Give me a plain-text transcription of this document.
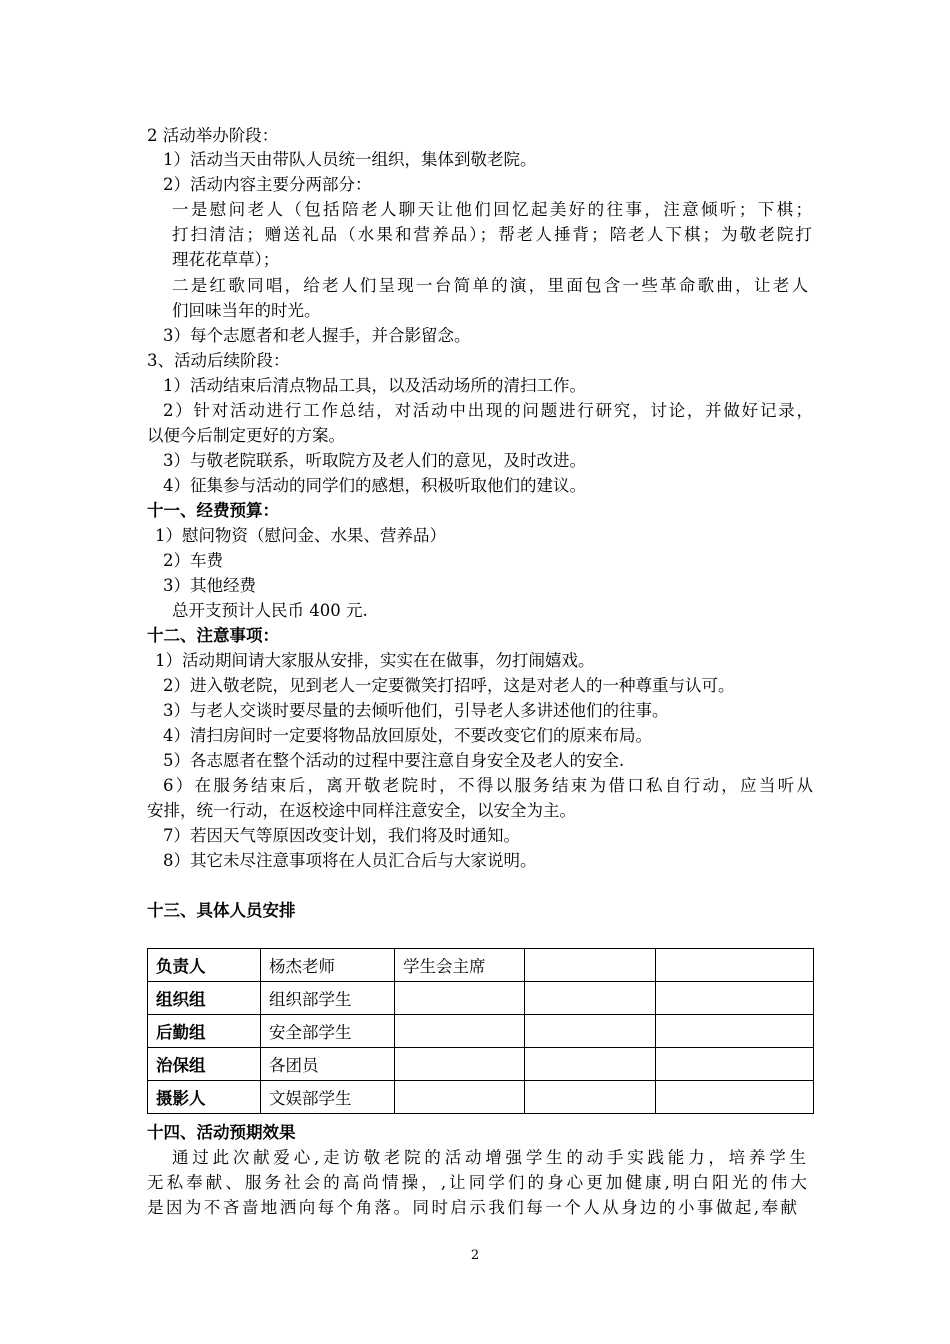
2 活动举办阶段：
1）活动当天由带队人员统一组织，集体到敬老院。
2）活动内容主要分两部分：
一是慰问老人（包括陪老人聊天让他们回忆起美好的往事，注意倾听；下棋；
打扫清洁；赠送礼品（水果和营养品）；帮老人捶背；陪老人下棋；为敬老院打
理花花草草）；
二是红歌同唱，给老人们呈现一台简单的演，里面包含一些革命歌曲，让老人
们回味当年的时光。
3）每个志愿者和老人握手，并合影留念。
3、活动后续阶段：
1）活动结束后清点物品工具，以及活动场所的清扫工作。
2）针对活动进行工作总结，对活动中出现的问题进行研究，讨论，并做好记录，
以便今后制定更好的方案。
3）与敬老院联系，听取院方及老人们的意见，及时改进。
4）征集参与活动的同学们的感想，积极听取他们的建议。
十一、经费预算：
1）慰问物资（慰问金、水果、营养品）
2）车费
3）其他经费
总开支预计人民币 400 元.
十二、注意事项：
1）活动期间请大家服从安排，实实在在做事，勿打闹嬉戏。
2）进入敬老院，见到老人一定要微笑打招呼，这是对老人的一种尊重与认可。
3）与老人交谈时要尽量的去倾听他们，引导老人多讲述他们的往事。
4）清扫房间时一定要将物品放回原处，不要改变它们的原来布局。
5）各志愿者在整个活动的过程中要注意自身安全及老人的安全.
6）在服务结束后，离开敬老院时，不得以服务结束为借口私自行动，应当听从
安排，统一行动，在返校途中同样注意安全，以安全为主。
7）若因天气等原因改变计划，我们将及时通知。
8）其它未尽注意事项将在人员汇合后与大家说明。
十三、具体人员安排
负责人	杨杰老师	学生会主席		
组织组	组织部学生			
后勤组	安全部学生			
治保组	各团员			
摄影人	文娱部学生			
十四、活动预期效果
通过此次献爱心,走访敬老院的活动增强学生的动手实践能力，培养学生
无私奉献、服务社会的高尚情操，,让同学们的身心更加健康,明白阳光的伟大
是因为不吝啬地洒向每个角落。同时启示我们每一个人从身边的小事做起,奉献
2
